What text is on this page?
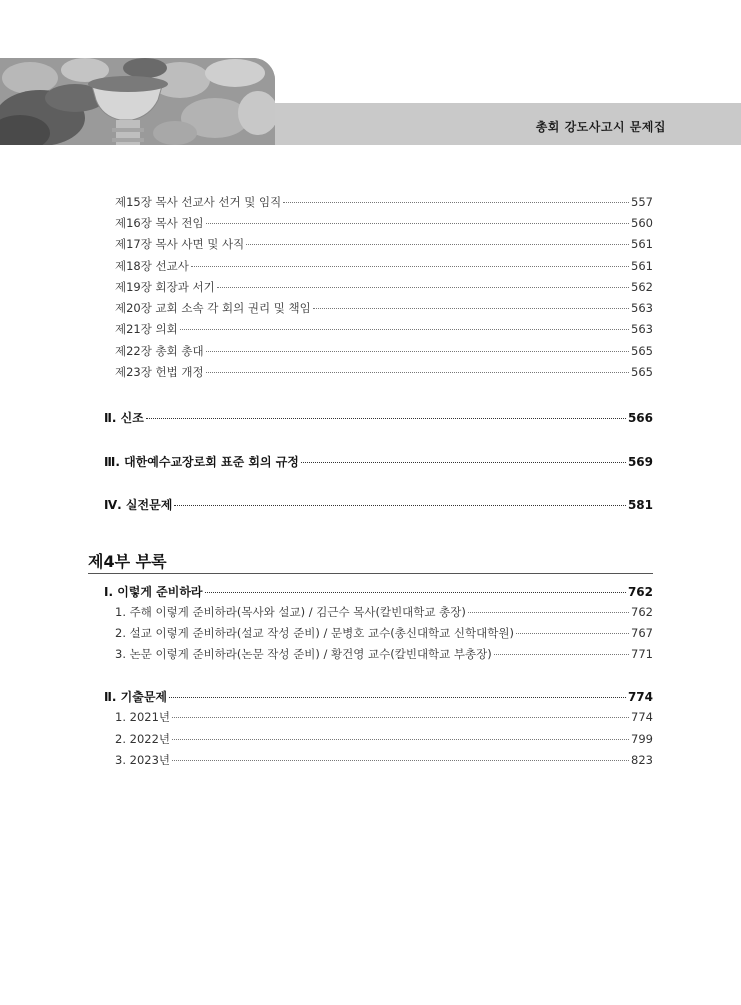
총회 강도사고시 문제집
제15장 목사 선교사 선거 및 임직	557
제16장 목사 전임	560
제17장 목사 사면 및 사직	561
제18장 선교사	561
제19장 회장과 서기	562
제20장 교회 소속 각 회의 권리 및 책임	563
제21장 의회	563
제22장 총회 총대	565
제23장 헌법 개정	565
Ⅱ. 신조	566
Ⅲ. 대한예수교장로회 표준 회의 규정	569
Ⅳ. 실전문제	581
제4부 부록
Ⅰ. 이렇게 준비하라	762
1. 주해 이렇게 준비하라(목사와 설교) / 김근수 목사(칼빈대학교 총장)	762
2. 설교 이렇게 준비하라(설교 작성 준비) / 문병호 교수(총신대학교 신학대학원)	767
3. 논문 이렇게 준비하라(논문 작성 준비) / 황건영 교수(칼빈대학교 부총장)	771
Ⅱ. 기출문제	774
1. 2021년	774
2. 2022년	799
3. 2023년	823
